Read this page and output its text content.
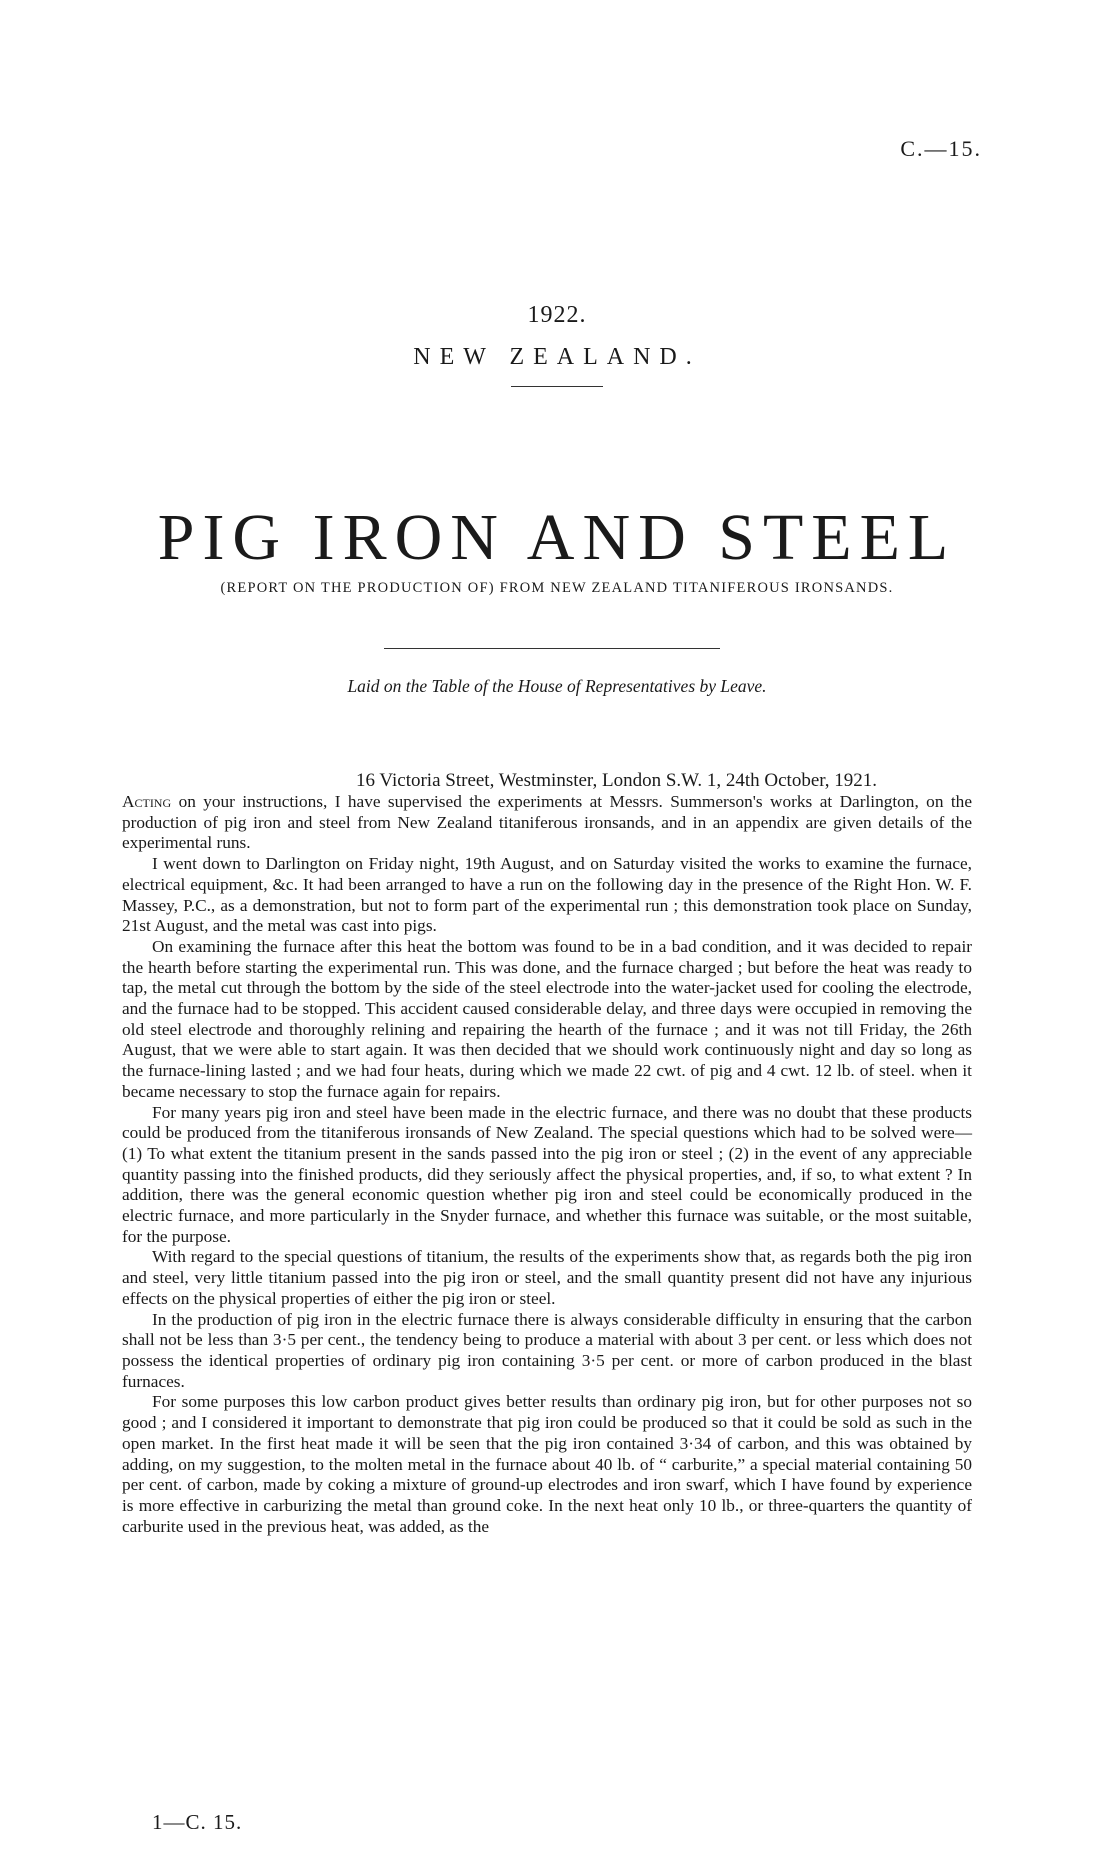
C.—15.
1922.
NEW ZEALAND.
PIG IRON AND STEEL
(REPORT ON THE PRODUCTION OF) FROM NEW ZEALAND TITANIFEROUS IRONSANDS.
Laid on the Table of the House of Representatives by Leave.
16 Victoria Street, Westminster, London S.W. 1, 24th October, 1921.

Acting on your instructions, I have supervised the experiments at Messrs. Summerson's works at Darlington, on the production of pig iron and steel from New Zealand titaniferous ironsands, and in an appendix are given details of the experimental runs.

I went down to Darlington on Friday night, 19th August, and on Saturday visited the works to examine the furnace, electrical equipment, &c. It had been arranged to have a run on the following day in the presence of the Right Hon. W. F. Massey, P.C., as a demonstration, but not to form part of the experimental run ; this demonstration took place on Sunday, 21st August, and the metal was cast into pigs.

On examining the furnace after this heat the bottom was found to be in a bad condition, and it was decided to repair the hearth before starting the experimental run. This was done, and the furnace charged ; but before the heat was ready to tap, the metal cut through the bottom by the side of the steel electrode into the water-jacket used for cooling the electrode, and the furnace had to be stopped. This accident caused considerable delay, and three days were occupied in removing the old steel electrode and thoroughly relining and repairing the hearth of the furnace ; and it was not till Friday, the 26th August, that we were able to start again. It was then decided that we should work continuously night and day so long as the furnace-lining lasted ; and we had four heats, during which we made 22 cwt. of pig and 4 cwt. 12 lb. of steel. when it became necessary to stop the furnace again for repairs.

For many years pig iron and steel have been made in the electric furnace, and there was no doubt that these products could be produced from the titaniferous ironsands of New Zealand. The special questions which had to be solved were—(1) To what extent the titanium present in the sands passed into the pig iron or steel ; (2) in the event of any appreciable quantity passing into the finished products, did they seriously affect the physical properties, and, if so, to what extent ? In addition, there was the general economic question whether pig iron and steel could be economically produced in the electric furnace, and more particularly in the Snyder furnace, and whether this furnace was suitable, or the most suitable, for the purpose.

With regard to the special questions of titanium, the results of the experiments show that, as regards both the pig iron and steel, very little titanium passed into the pig iron or steel, and the small quantity present did not have any injurious effects on the physical properties of either the pig iron or steel.

In the production of pig iron in the electric furnace there is always considerable difficulty in ensuring that the carbon shall not be less than 3·5 per cent., the tendency being to produce a material with about 3 per cent. or less which does not possess the identical properties of ordinary pig iron containing 3·5 per cent. or more of carbon produced in the blast furnaces.

For some purposes this low carbon product gives better results than ordinary pig iron, but for other purposes not so good ; and I considered it important to demonstrate that pig iron could be produced so that it could be sold as such in the open market. In the first heat made it will be seen that the pig iron contained 3·34 of carbon, and this was obtained by adding, on my suggestion, to the molten metal in the furnace about 40 lb. of “ carburite,” a special material containing 50 per cent. of carbon, made by coking a mixture of ground-up electrodes and iron swarf, which I have found by experience is more effective in carburizing the metal than ground coke. In the next heat only 10 lb., or three-quarters the quantity of carburite used in the previous heat, was added, as the

1—C. 15.
